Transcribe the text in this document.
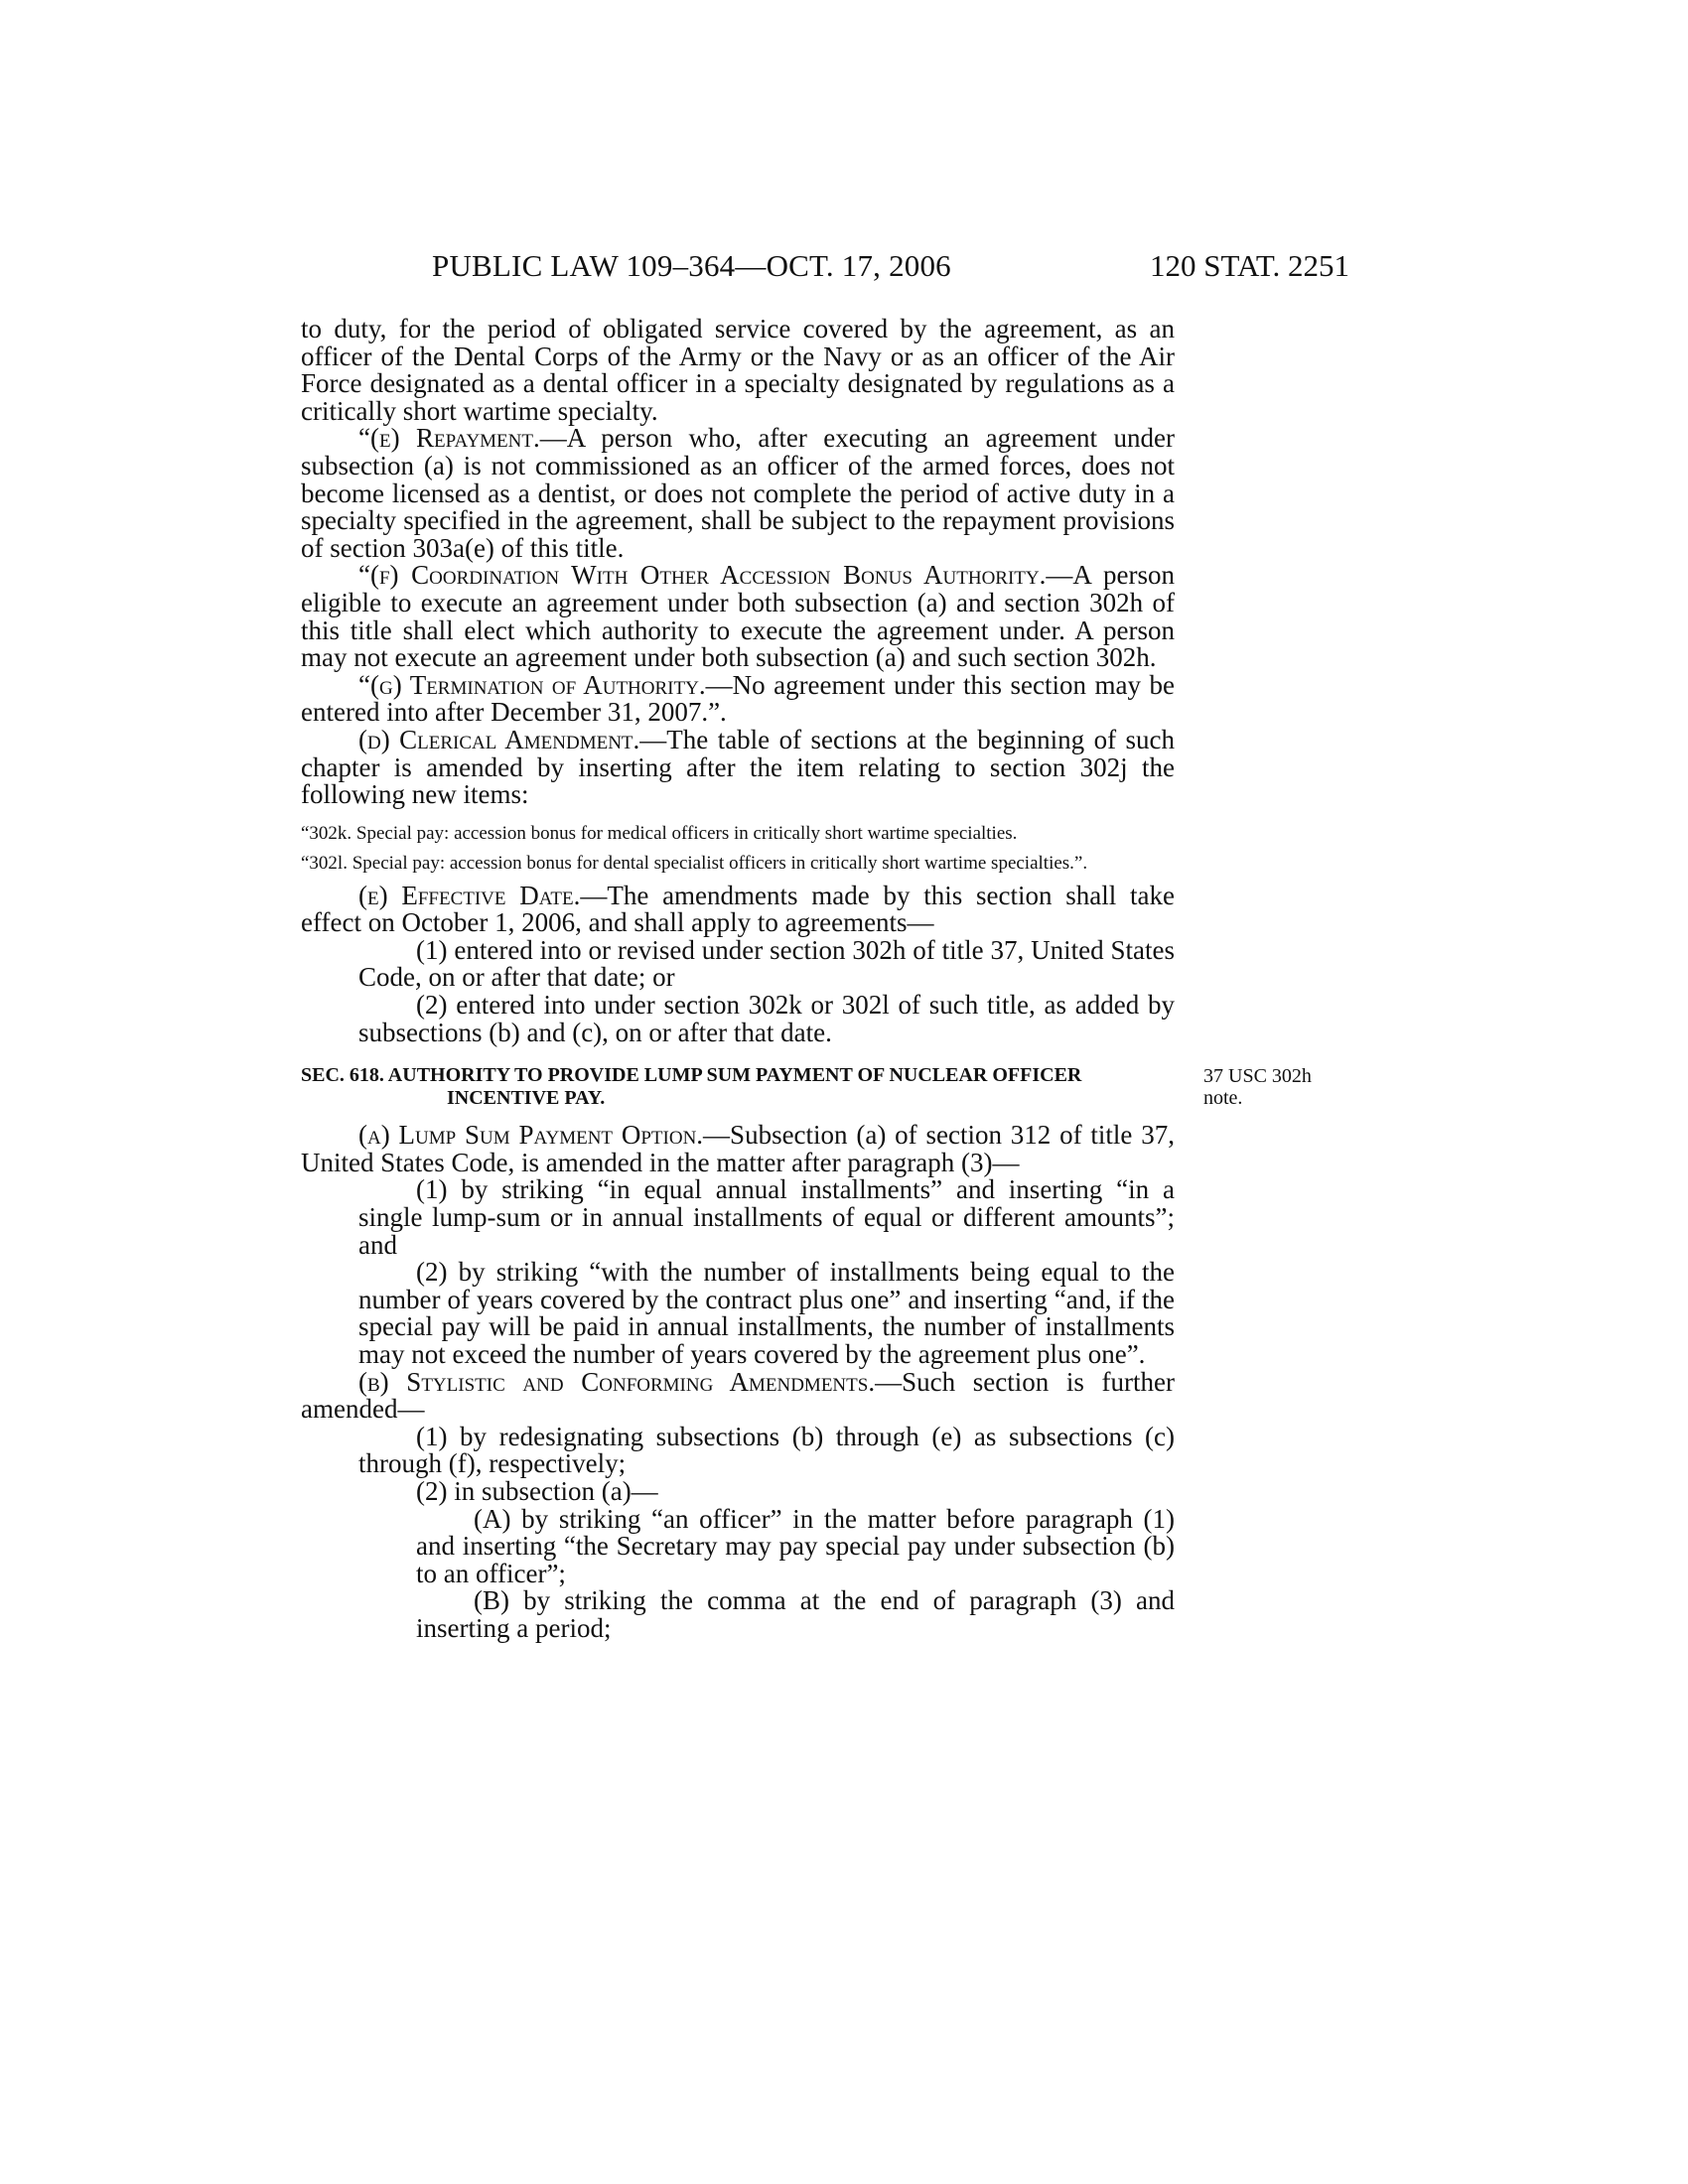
PUBLIC LAW 109–364—OCT. 17, 2006	120 STAT. 2251
37 USC 302h
note.

to duty, for the period of obligated service covered by the agreement, as an officer of the Dental Corps of the Army or the Navy or as an officer of the Air Force designated as a dental officer in a specialty designated by regulations as a critically short wartime specialty.

“(e) Repayment.—A person who, after executing an agreement under subsection (a) is not commissioned as an officer of the armed forces, does not become licensed as a dentist, or does not complete the period of active duty in a specialty specified in the agreement, shall be subject to the repayment provisions of section 303a(e) of this title.

“(f) Coordination With Other Accession Bonus Authority.—A person eligible to execute an agreement under both subsection (a) and section 302h of this title shall elect which authority to execute the agreement under. A person may not execute an agreement under both subsection (a) and such section 302h.

“(g) Termination of Authority.—No agreement under this section may be entered into after December 31, 2007.”.

(d) Clerical Amendment.—The table of sections at the beginning of such chapter is amended by inserting after the item relating to section 302j the following new items:

“302k. Special pay: accession bonus for medical officers in critically short wartime specialties.

“302l. Special pay: accession bonus for dental specialist officers in critically short wartime specialties.”.

(e) Effective Date.—The amendments made by this section shall take effect on October 1, 2006, and shall apply to agreements—

(1) entered into or revised under section 302h of title 37, United States Code, on or after that date; or

(2) entered into under section 302k or 302l of such title, as added by subsections (b) and (c), on or after that date.

SEC. 618. AUTHORITY TO PROVIDE LUMP SUM PAYMENT OF NUCLEAR OFFICER INCENTIVE PAY.

(a) Lump Sum Payment Option.—Subsection (a) of section 312 of title 37, United States Code, is amended in the matter after paragraph (3)—

(1) by striking “in equal annual installments” and inserting “in a single lump-sum or in annual installments of equal or different amounts”; and

(2) by striking “with the number of installments being equal to the number of years covered by the contract plus one” and inserting “and, if the special pay will be paid in annual installments, the number of installments may not exceed the number of years covered by the agreement plus one”.

(b) Stylistic and Conforming Amendments.—Such section is further amended—

(1) by redesignating subsections (b) through (e) as subsections (c) through (f), respectively;

(2) in subsection (a)—

(A) by striking “an officer” in the matter before paragraph (1) and inserting “the Secretary may pay special pay under subsection (b) to an officer”;

(B) by striking the comma at the end of paragraph (3) and inserting a period;
